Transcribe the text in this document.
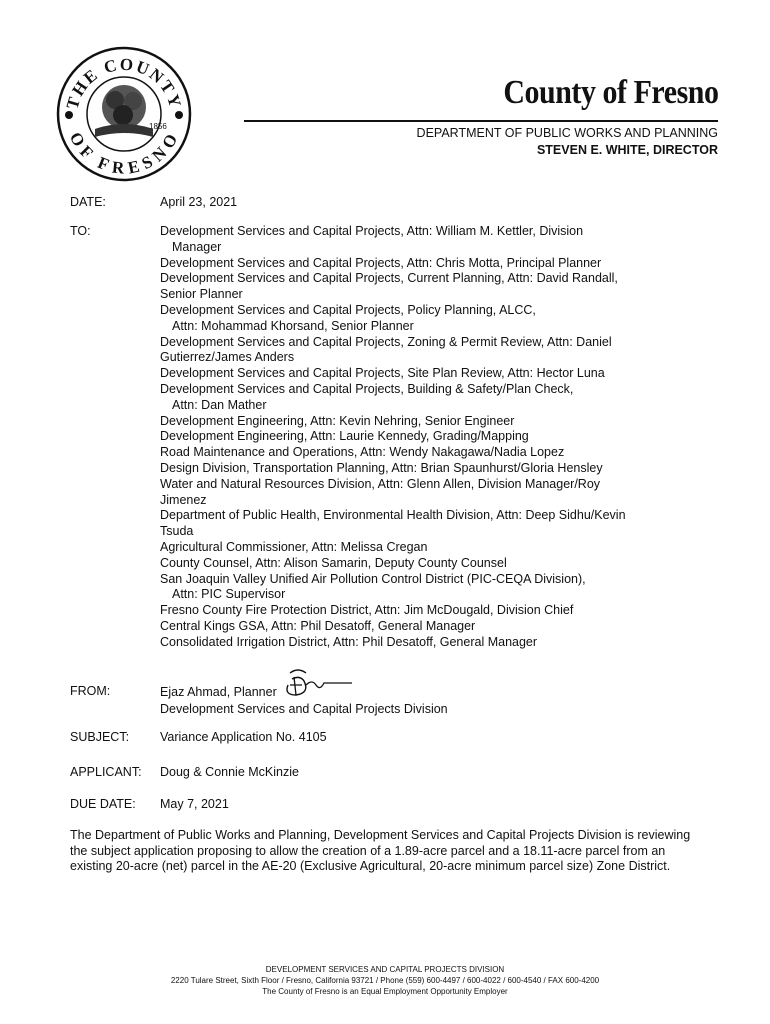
THE COUNTY
OF FRESNO
1856
County of Fresno
DEPARTMENT OF PUBLIC WORKS AND PLANNING
STEVEN E. WHITE, DIRECTOR
DATE:	April 23, 2021
TO:	Development Services and Capital Projects, Attn: William M. Kettler, Division
Manager
Development Services and Capital Projects, Attn: Chris Motta, Principal Planner
Development Services and Capital Projects, Current Planning, Attn: David Randall,
Senior Planner
Development Services and Capital Projects, Policy Planning, ALCC,
Attn: Mohammad Khorsand, Senior Planner
Development Services and Capital Projects, Zoning & Permit Review, Attn: Daniel
Gutierrez/James Anders
Development Services and Capital Projects, Site Plan Review, Attn: Hector Luna
Development Services and Capital Projects, Building & Safety/Plan Check,
Attn: Dan Mather
Development Engineering, Attn: Kevin Nehring, Senior Engineer
Development Engineering, Attn: Laurie Kennedy, Grading/Mapping
Road Maintenance and Operations, Attn: Wendy Nakagawa/Nadia Lopez
Design Division, Transportation Planning, Attn: Brian Spaunhurst/Gloria Hensley
Water and Natural Resources Division, Attn: Glenn Allen, Division Manager/Roy
Jimenez
Department of Public Health, Environmental Health Division, Attn: Deep Sidhu/Kevin
Tsuda
Agricultural Commissioner, Attn: Melissa Cregan
County Counsel, Attn: Alison Samarin, Deputy County Counsel
San Joaquin Valley Unified Air Pollution Control District (PIC-CEQA Division),
Attn: PIC Supervisor
Fresno County Fire Protection District, Attn: Jim McDougald, Division Chief
Central Kings GSA, Attn: Phil Desatoff, General Manager
Consolidated Irrigation District, Attn: Phil Desatoff, General Manager
FROM:	Ejaz Ahmad, Planner
Development Services and Capital Projects Division
SUBJECT: Variance Application No. 4105
APPLICANT: Doug & Connie McKinzie
DUE DATE: May 7, 2021
The Department of Public Works and Planning, Development Services and Capital Projects Division is reviewing the subject application proposing to allow the creation of a 1.89-acre parcel and a 18.11-acre parcel from an existing 20-acre (net) parcel in the AE-20 (Exclusive Agricultural, 20-acre minimum parcel size) Zone District.
DEVELOPMENT SERVICES AND CAPITAL PROJECTS DIVISION
2220 Tulare Street, Sixth Floor / Fresno, California 93721 / Phone (559) 600-4497 / 600-4022 / 600-4540 / FAX 600-4200
The County of Fresno is an Equal Employment Opportunity Employer
